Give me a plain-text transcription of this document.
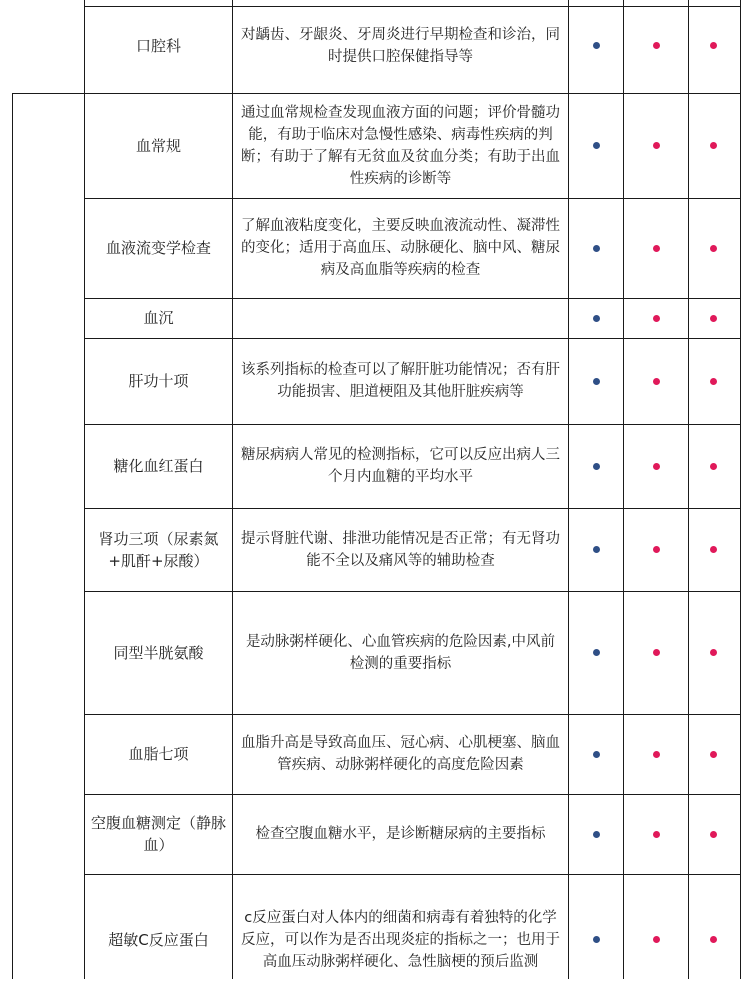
口腔科
对龋齿、牙龈炎、牙周炎进行早期检查和诊治，同时提供口腔保健指导等
血常规
通过血常规检查发现血液方面的问题；评价骨髓功能，有助于临床对急慢性感染、病毒性疾病的判断；有助于了解有无贫血及贫血分类；有助于出血性疾病的诊断等
血液流变学检查
了解血液粘度变化，主要反映血液流动性、凝滞性的变化；适用于高血压、动脉硬化、脑中风、糖尿病及高血脂等疾病的检查
血沉
肝功十项
该系列指标的检查可以了解肝脏功能情况；否有肝功能损害、胆道梗阻及其他肝脏疾病等
糖化血红蛋白
糖尿病病人常见的检测指标，它可以反应出病人三个月内血糖的平均水平
肾功三项（尿素氮+肌酐+尿酸）
提示肾脏代谢、排泄功能情况是否正常；有无肾功能不全以及痛风等的辅助检查
同型半胱氨酸
是动脉粥样硬化、心血管疾病的危险因素,中风前检测的重要指标
血脂七项
血脂升高是导致高血压、冠心病、心肌梗塞、脑血管疾病、动脉粥样硬化的高度危险因素
空腹血糖测定（静脉血）
检查空腹血糖水平，是诊断糖尿病的主要指标
超敏C反应蛋白
c反应蛋白对人体内的细菌和病毒有着独特的化学反应，可以作为是否出现炎症的指标之一；也用于高血压动脉粥样硬化、急性脑梗的预后监测
